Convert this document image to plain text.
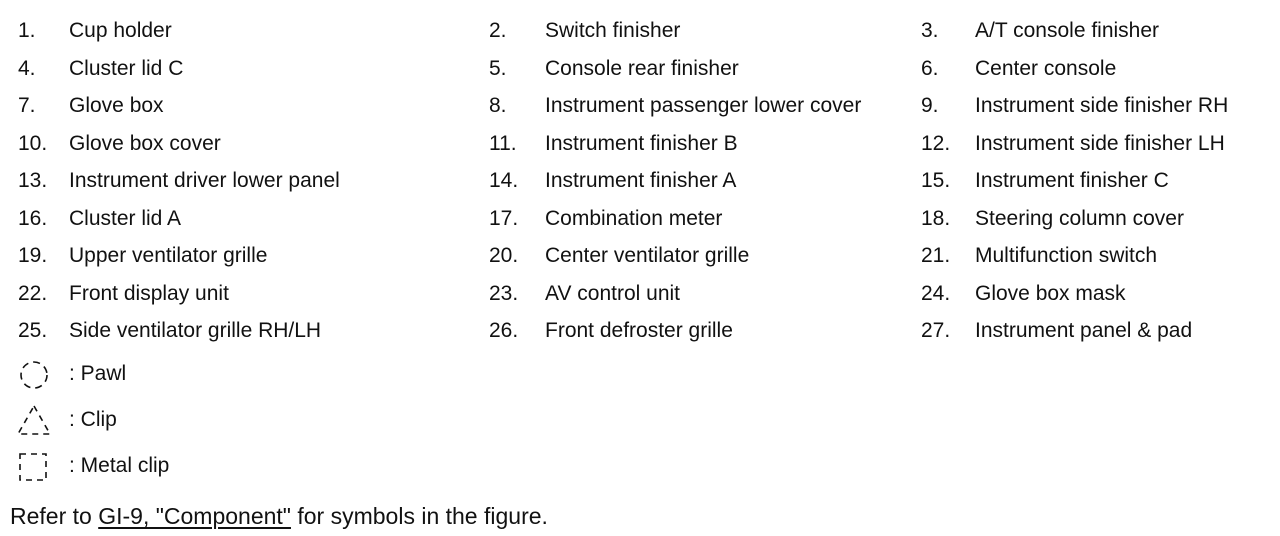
1. Cup holder	2. Switch finisher	3. A/T console finisher
4. Cluster lid C	5. Console rear finisher	6. Center console
7. Glove box	8. Instrument passenger lower cover	9. Instrument side finisher RH
10. Glove box cover	11. Instrument finisher B	12. Instrument side finisher LH
13. Instrument driver lower panel	14. Instrument finisher A	15. Instrument finisher C
16. Cluster lid A	17. Combination meter	18. Steering column cover
19. Upper ventilator grille	20. Center ventilator grille	21. Multifunction switch
22. Front display unit	23. AV control unit	24. Glove box mask
25. Side ventilator grille RH/LH	26. Front defroster grille	27. Instrument panel & pad
: Pawl
: Clip
: Metal clip
Refer to GI-9, "Component" for symbols in the figure.
